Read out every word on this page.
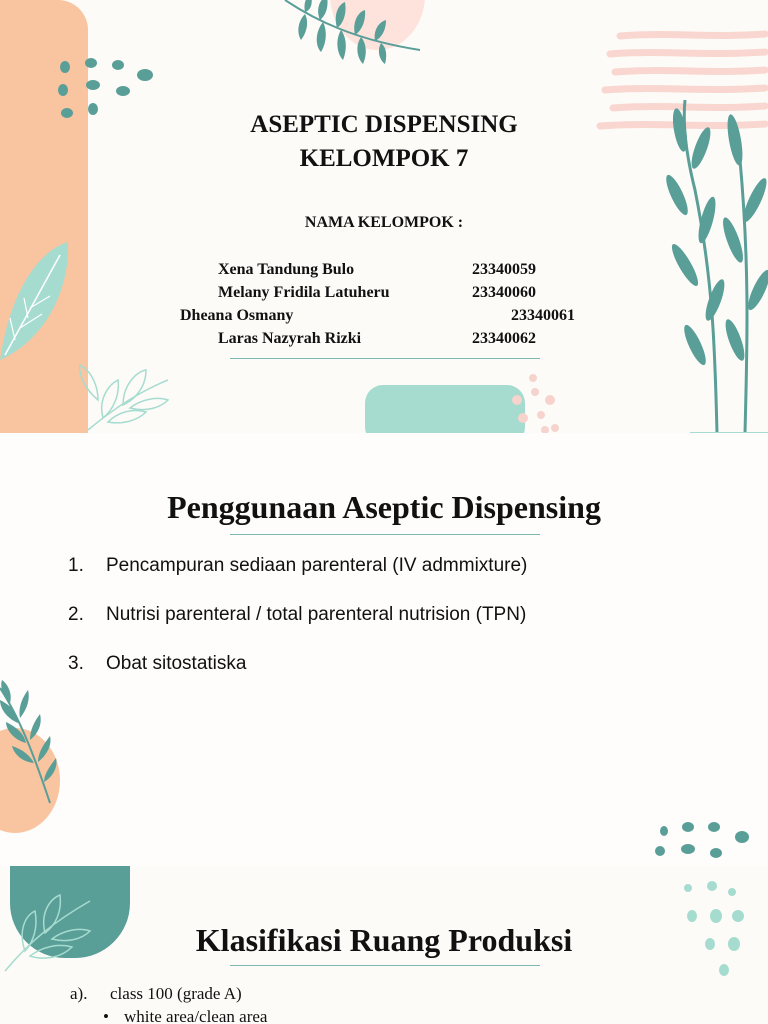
ASEPTIC DISPENSING
KELOMPOK 7
NAMA KELOMPOK :
Xena Tandung Bulo	23340059
Melany Fridila Latuheru	23340060
Dheana Osmany	23340061
Laras Nazyrah Rizki	23340062
Penggunaan Aseptic Dispensing
1. Pencampuran sediaan parenteral (IV admmixture)
2. Nutrisi parenteral / total parenteral nutrision (TPN)
3. Obat sitostatiska
Klasifikasi Ruang Produksi
a). class 100 (grade A)
• white area/clean area
